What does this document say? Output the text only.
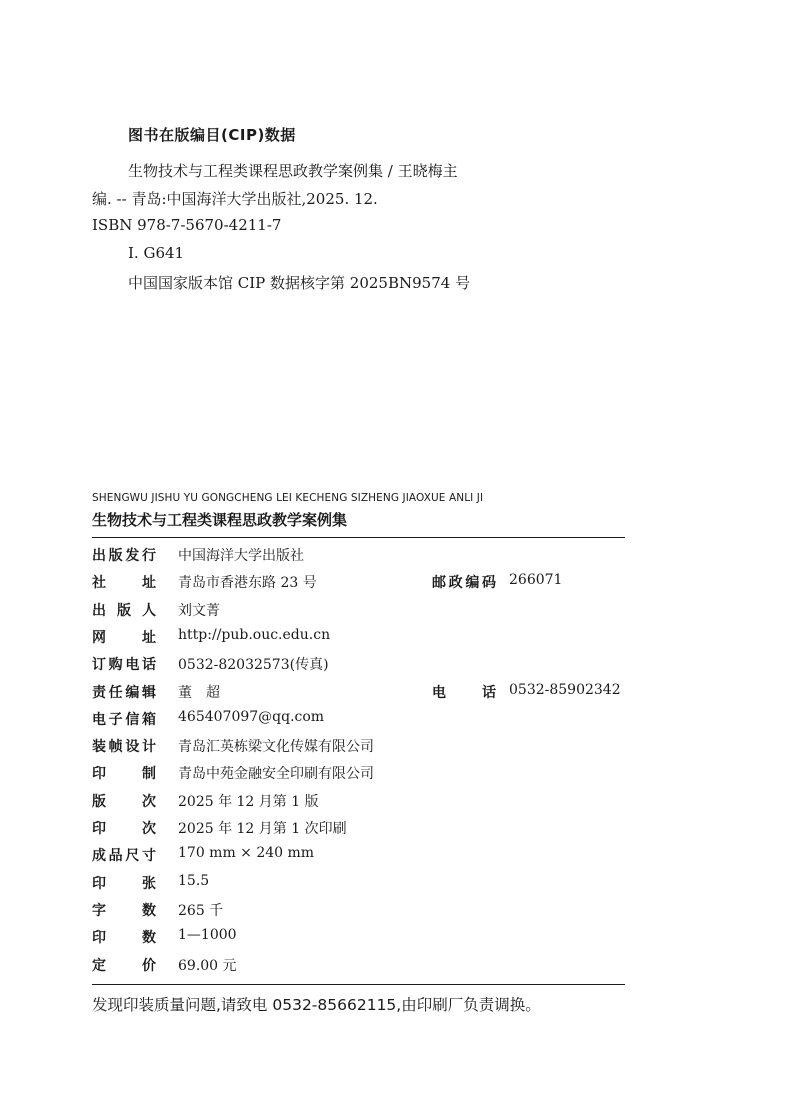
图书在版编目(CIP)数据
生物技术与工程类课程思政教学案例集 / 王晓梅主
编. -- 青岛:中国海洋大学出版社,2025. 12.
ISBN 978-7-5670-4211-7
Ⅰ. G641
中国国家版本馆 CIP 数据核字第 2025BN9574 号
SHENGWU JISHU YU GONGCHENG LEI KECHENG SIZHENG JIAOXUE ANLI JI
生物技术与工程类课程思政教学案例集
出版发行 中国海洋大学出版社
社址 青岛市香港东路 23 号	邮政编码 266071
出版人 刘文菁
网址 http://pub.ouc.edu.cn
订购电话 0532-82032573(传真)
责任编辑 董　超	电话 0532-85902342
电子信箱 465407097@qq.com
装帧设计 青岛汇英栋梁文化传媒有限公司
印制 青岛中苑金融安全印刷有限公司
版次 2025 年 12 月第 1 版
印次 2025 年 12 月第 1 次印刷
成品尺寸 170 mm × 240 mm
印张 15.5
字数 265 千
印数 1—1000
定价 69.00 元
发现印装质量问题,请致电 0532-85662115,由印刷厂负责调换。
